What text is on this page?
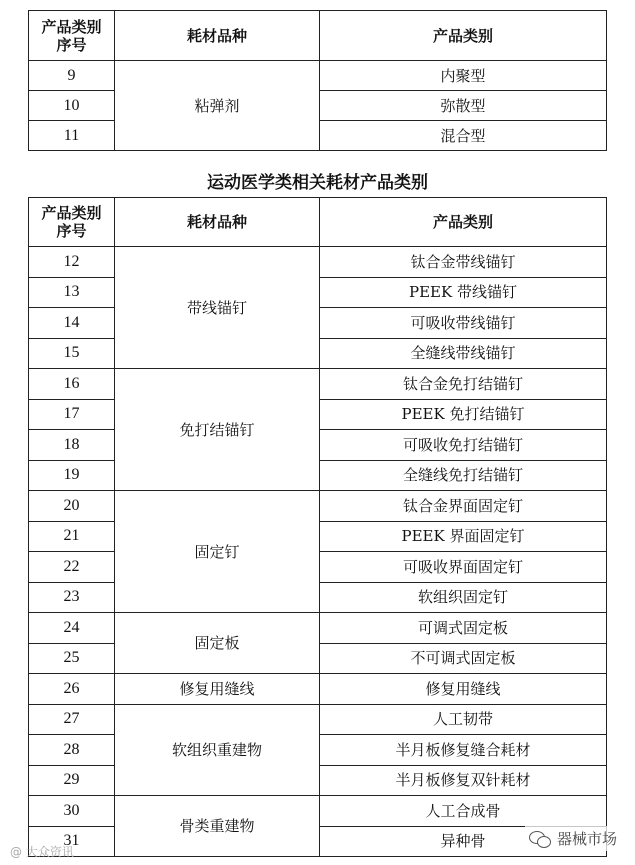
产品类别
序号	耗材品种	产品类别
9	粘弹剂	内聚型
10		弥散型
11		混合型
运动医学类相关耗材产品类别
产品类别
序号	耗材品种	产品类别
12	带线锚钉	钛合金带线锚钉
13		PEEK 带线锚钉
14		可吸收带线锚钉
15		全缝线带线锚钉
16	免打结锚钉	钛合金免打结锚钉
17		PEEK 免打结锚钉
18		可吸收免打结锚钉
19		全缝线免打结锚钉
20	固定钉	钛合金界面固定钉
21		PEEK 界面固定钉
22		可吸收界面固定钉
23		软组织固定钉
24	固定板	可调式固定板
25		不可调式固定板
26	修复用缝线	修复用缝线
27	软组织重建物	人工韧带
28		半月板修复缝合耗材
29		半月板修复双针耗材
30	骨类重建物	人工合成骨
31		异种骨
@ 大众资讯
器械市场
